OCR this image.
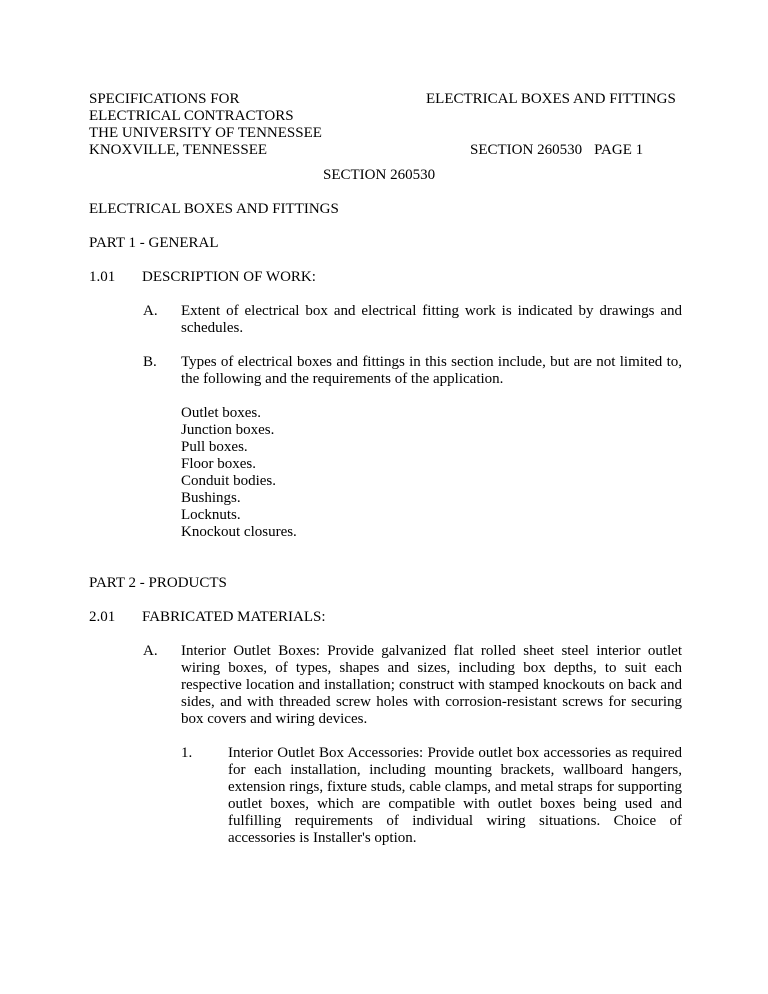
SPECIFICATIONS FOR
ELECTRICAL CONTRACTORS
THE UNIVERSITY OF TENNESSEE
KNOXVILLE, TENNESSEE
ELECTRICAL BOXES AND FITTINGS
SECTION 260530 PAGE 1
SECTION 260530
ELECTRICAL BOXES AND FITTINGS
PART 1 - GENERAL
1.01 DESCRIPTION OF WORK:
A. Extent of electrical box and electrical fitting work is indicated by drawings and schedules.
B. Types of electrical boxes and fittings in this section include, but are not limited to, the following and the requirements of the application.
Outlet boxes.
Junction boxes.
Pull boxes.
Floor boxes.
Conduit bodies.
Bushings.
Locknuts.
Knockout closures.
PART 2 - PRODUCTS
2.01 FABRICATED MATERIALS:
A. Interior Outlet Boxes: Provide galvanized flat rolled sheet steel interior outlet wiring boxes, of types, shapes and sizes, including box depths, to suit each respective location and installation; construct with stamped knockouts on back and sides, and with threaded screw holes with corrosion-resistant screws for securing box covers and wiring devices.
1. Interior Outlet Box Accessories: Provide outlet box accessories as required for each installation, including mounting brackets, wallboard hangers, extension rings, fixture studs, cable clamps, and metal straps for supporting outlet boxes, which are compatible with outlet boxes being used and fulfilling requirements of individual wiring situations. Choice of accessories is Installer's option.
